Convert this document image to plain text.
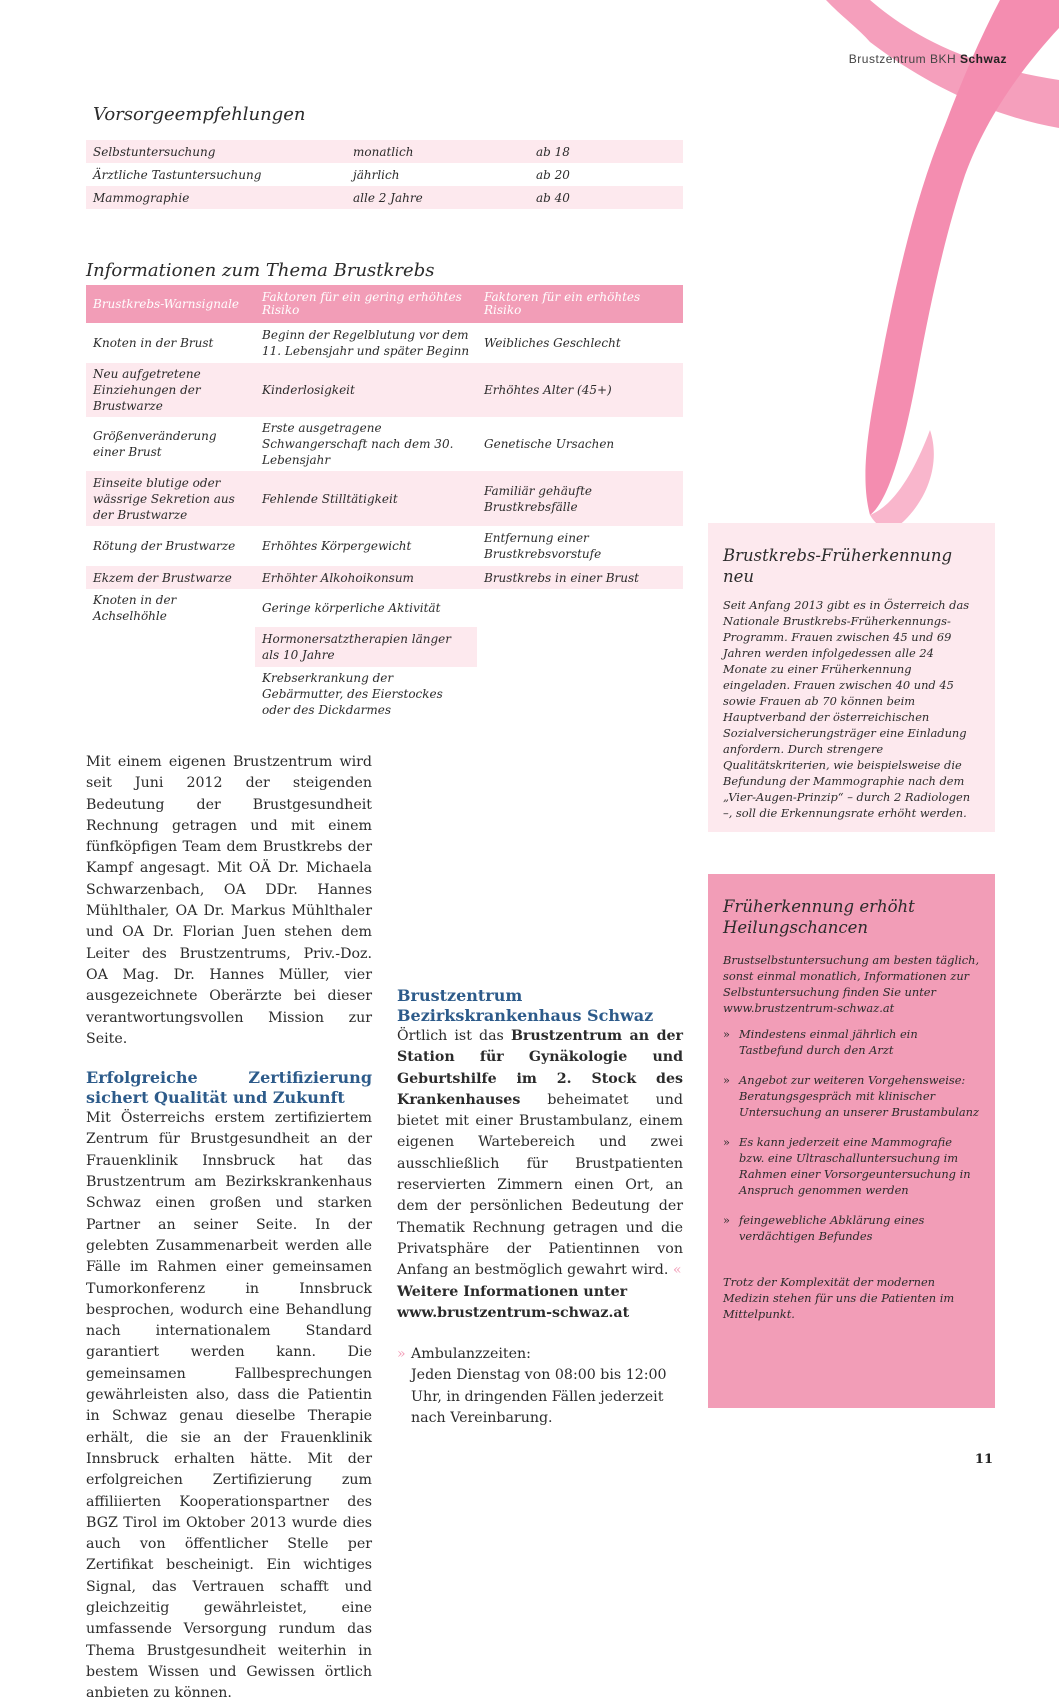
Brustzentrum BKH Schwaz
Vorsorgeempfehlungen
Selbstuntersuchung	monatlich	ab 18
Ärztliche Tastuntersuchung	jährlich	ab 20
Mammographie	alle 2 Jahre	ab 40
Informationen zum Thema Brustkrebs
Brustkrebs-Warnsignale	Faktoren für ein gering erhöhtes Risiko	Faktoren für ein erhöhtes Risiko
Knoten in der Brust	Beginn der Regelblutung vor dem 11. Lebensjahr und später Beginn	Weibliches Geschlecht
Neu aufgetretene Einziehungen der Brustwarze	Kinderlosigkeit	Erhöhtes Alter (45+)
Größenveränderung einer Brust	Erste ausgetragene Schwangerschaft nach dem 30. Lebensjahr	Genetische Ursachen
Einseite blutige oder wässrige Sekretion aus der Brustwarze	Fehlende Stilltätigkeit	Familiär gehäufte Brustkrebsfälle
Rötung der Brustwarze	Erhöhtes Körpergewicht	Entfernung einer Brustkrebsvorstufe
Ekzem der Brustwarze	Erhöhter Alkohoikonsum	Brustkrebs in einer Brust
Knoten in der Achselhöhle	Geringe körperliche Aktivität	
	Hormonersatztherapien länger als 10 Jahre	
	Krebserkrankung der Gebärmutter, des Eierstockes oder des Dickdarmes	

Mit einem eigenen Brustzentrum wird seit Juni 2012 der steigenden Bedeutung der Brustgesundheit Rechnung getragen und mit einem fünfköpfigen Team dem Brustkrebs der Kampf angesagt. Mit OÄ Dr. Michaela Schwarzenbach, OA DDr. Hannes Mühlthaler, OA Dr. Markus Mühlthaler und OA Dr. Florian Juen stehen dem Leiter des Brustzentrums, Priv.-Doz. OA Mag. Dr. Hannes Müller, vier ausgezeichnete Oberärzte bei dieser verantwortungsvollen Mission zur Seite.

Erfolgreiche Zertifizierung sichert Qualität und Zukunft

Mit Österreichs erstem zertifiziertem Zentrum für Brustgesundheit an der Frauenklinik Innsbruck hat das Brustzentrum am Bezirkskrankenhaus Schwaz einen großen und starken Partner an seiner Seite. In der gelebten Zusammenarbeit werden alle Fälle im Rahmen einer gemeinsamen Tumorkonferenz in Innsbruck besprochen, wodurch eine Behandlung nach internationalem Standard garantiert werden kann. Die gemeinsamen Fallbesprechungen gewährleisten also, dass die Patientin in Schwaz genau dieselbe Therapie erhält, die sie an der Frauenklinik Innsbruck erhalten hätte. Mit der erfolgreichen Zertifizierung zum affiliierten Kooperationspartner des BGZ Tirol im Oktober 2013 wurde dies auch von öffentlicher Stelle per Zertifikat bescheinigt. Ein wichtiges Signal, das Vertrauen schafft und gleichzeitig gewährleistet, eine umfassende Versorgung rundum das Thema Brustgesundheit weiterhin in bestem Wissen und Gewissen örtlich anbieten zu können.

Brustzentrum Bezirkskrankenhaus Schwaz

Örtlich ist das Brustzentrum an der Station für Gynäkologie und Geburtshilfe im 2. Stock des Krankenhauses beheimatet und bietet mit einer Brustambulanz, einem eigenen Wartebereich und zwei ausschließlich für Brustpatienten reservierten Zimmern einen Ort, an dem der persönlichen Bedeutung der Thematik Rechnung getragen und die Privatsphäre der Patientinnen von Anfang an bestmöglich gewahrt wird. «

Weitere Informationen unter
www.brustzentrum-schwaz.at

» Ambulanzzeiten:
Jeden Dienstag von 08:00 bis 12:00 Uhr, in dringenden Fällen jederzeit nach Vereinbarung.

Brustkrebs-Früherkennung neu

Seit Anfang 2013 gibt es in Österreich das Nationale Brustkrebs-Früherkennungs-Programm. Frauen zwischen 45 und 69 Jahren werden infolgedessen alle 24 Monate zu einer Früherkennung eingeladen. Frauen zwischen 40 und 45 sowie Frauen ab 70 können beim Hauptverband der österreichischen Sozialversicherungsträger eine Einladung anfordern. Durch strengere Qualitätskriterien, wie beispielsweise die Befundung der Mammographie nach dem „Vier-Augen-Prinzip“ – durch 2 Radiologen –, soll die Erkennungsrate erhöht werden.

Früherkennung erhöht Heilungschancen

Brustselbstuntersuchung am besten täglich, sonst einmal monatlich, Informationen zur Selbstuntersuchung finden Sie unter www.brustzentrum-schwaz.at

» Mindestens einmal jährlich ein Tastbefund durch den Arzt

» Angebot zur weiteren Vorgehensweise: Beratungsgespräch mit klinischer Untersuchung an unserer Brustambulanz

» Es kann jederzeit eine Mammografie bzw. eine Ultraschalluntersuchung im Rahmen einer Vorsorgeuntersuchung in Anspruch genommen werden

» feingewebliche Abklärung eines verdächtigen Befundes

Trotz der Komplexität der modernen Medizin stehen für uns die Patienten im Mittelpunkt.

11
